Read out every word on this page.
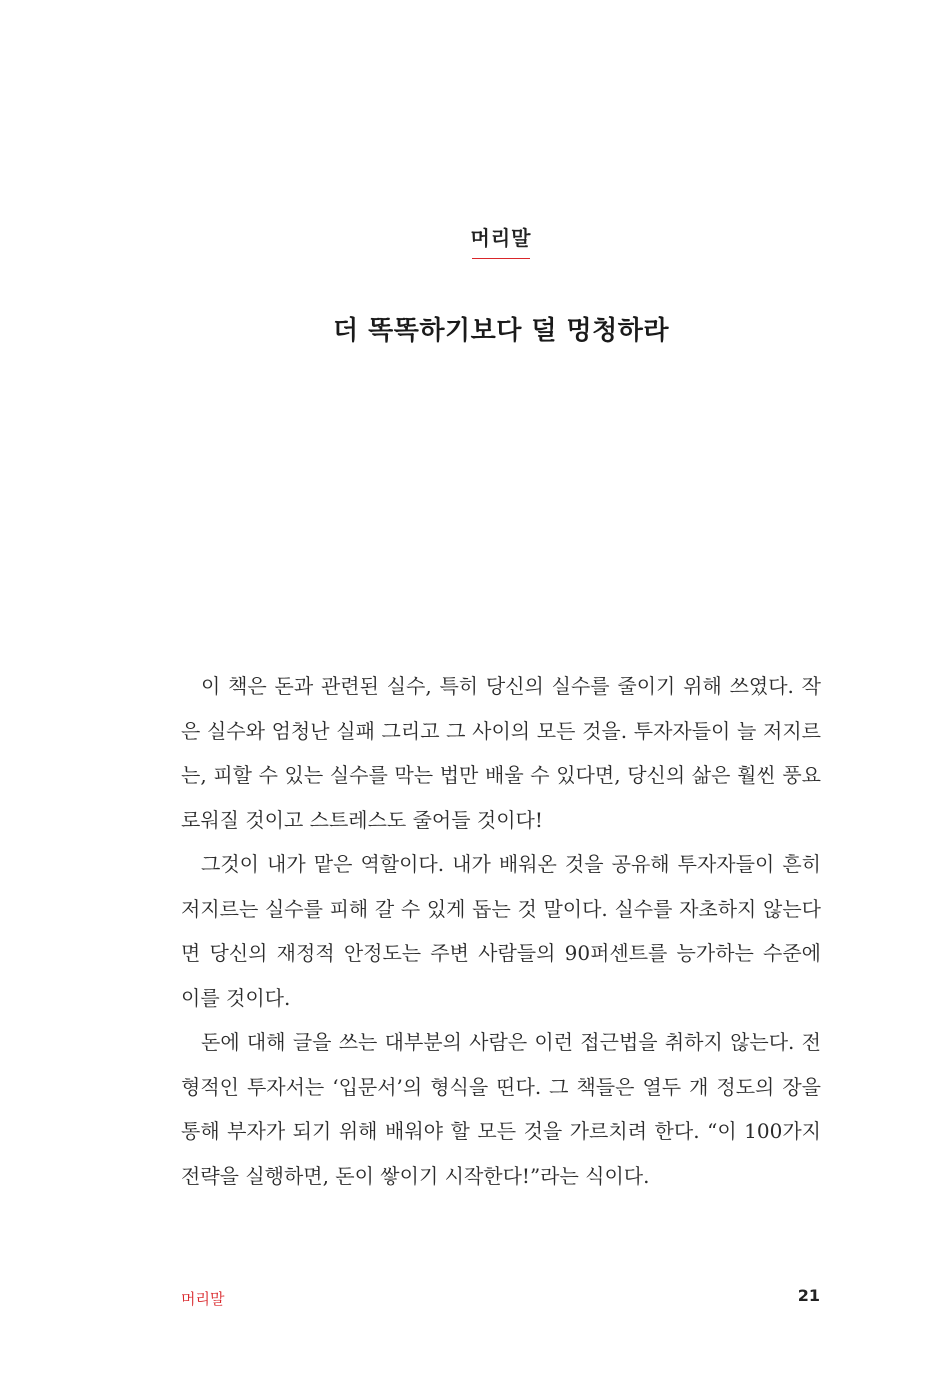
머리말
더 똑똑하기보다 덜 멍청하라

이 책은 돈과 관련된 실수, 특히 당신의 실수를 줄이기 위해 쓰였다. 작은 실수와 엄청난 실패 그리고 그 사이의 모든 것을. 투자자들이 늘 저지르는, 피할 수 있는 실수를 막는 법만 배울 수 있다면, 당신의 삶은 훨씬 풍요로워질 것이고 스트레스도 줄어들 것이다!

그것이 내가 맡은 역할이다. 내가 배워온 것을 공유해 투자자들이 흔히 저지르는 실수를 피해 갈 수 있게 돕는 것 말이다. 실수를 자초하지 않는다면 당신의 재정적 안정도는 주변 사람들의 90퍼센트를 능가하는 수준에 이를 것이다.

돈에 대해 글을 쓰는 대부분의 사람은 이런 접근법을 취하지 않는다. 전형적인 투자서는 ‘입문서’의 형식을 띤다. 그 책들은 열두 개 정도의 장을 통해 부자가 되기 위해 배워야 할 모든 것을 가르치려 한다. “이 100가지 전략을 실행하면, 돈이 쌓이기 시작한다!”라는 식이다.

머리말	21
